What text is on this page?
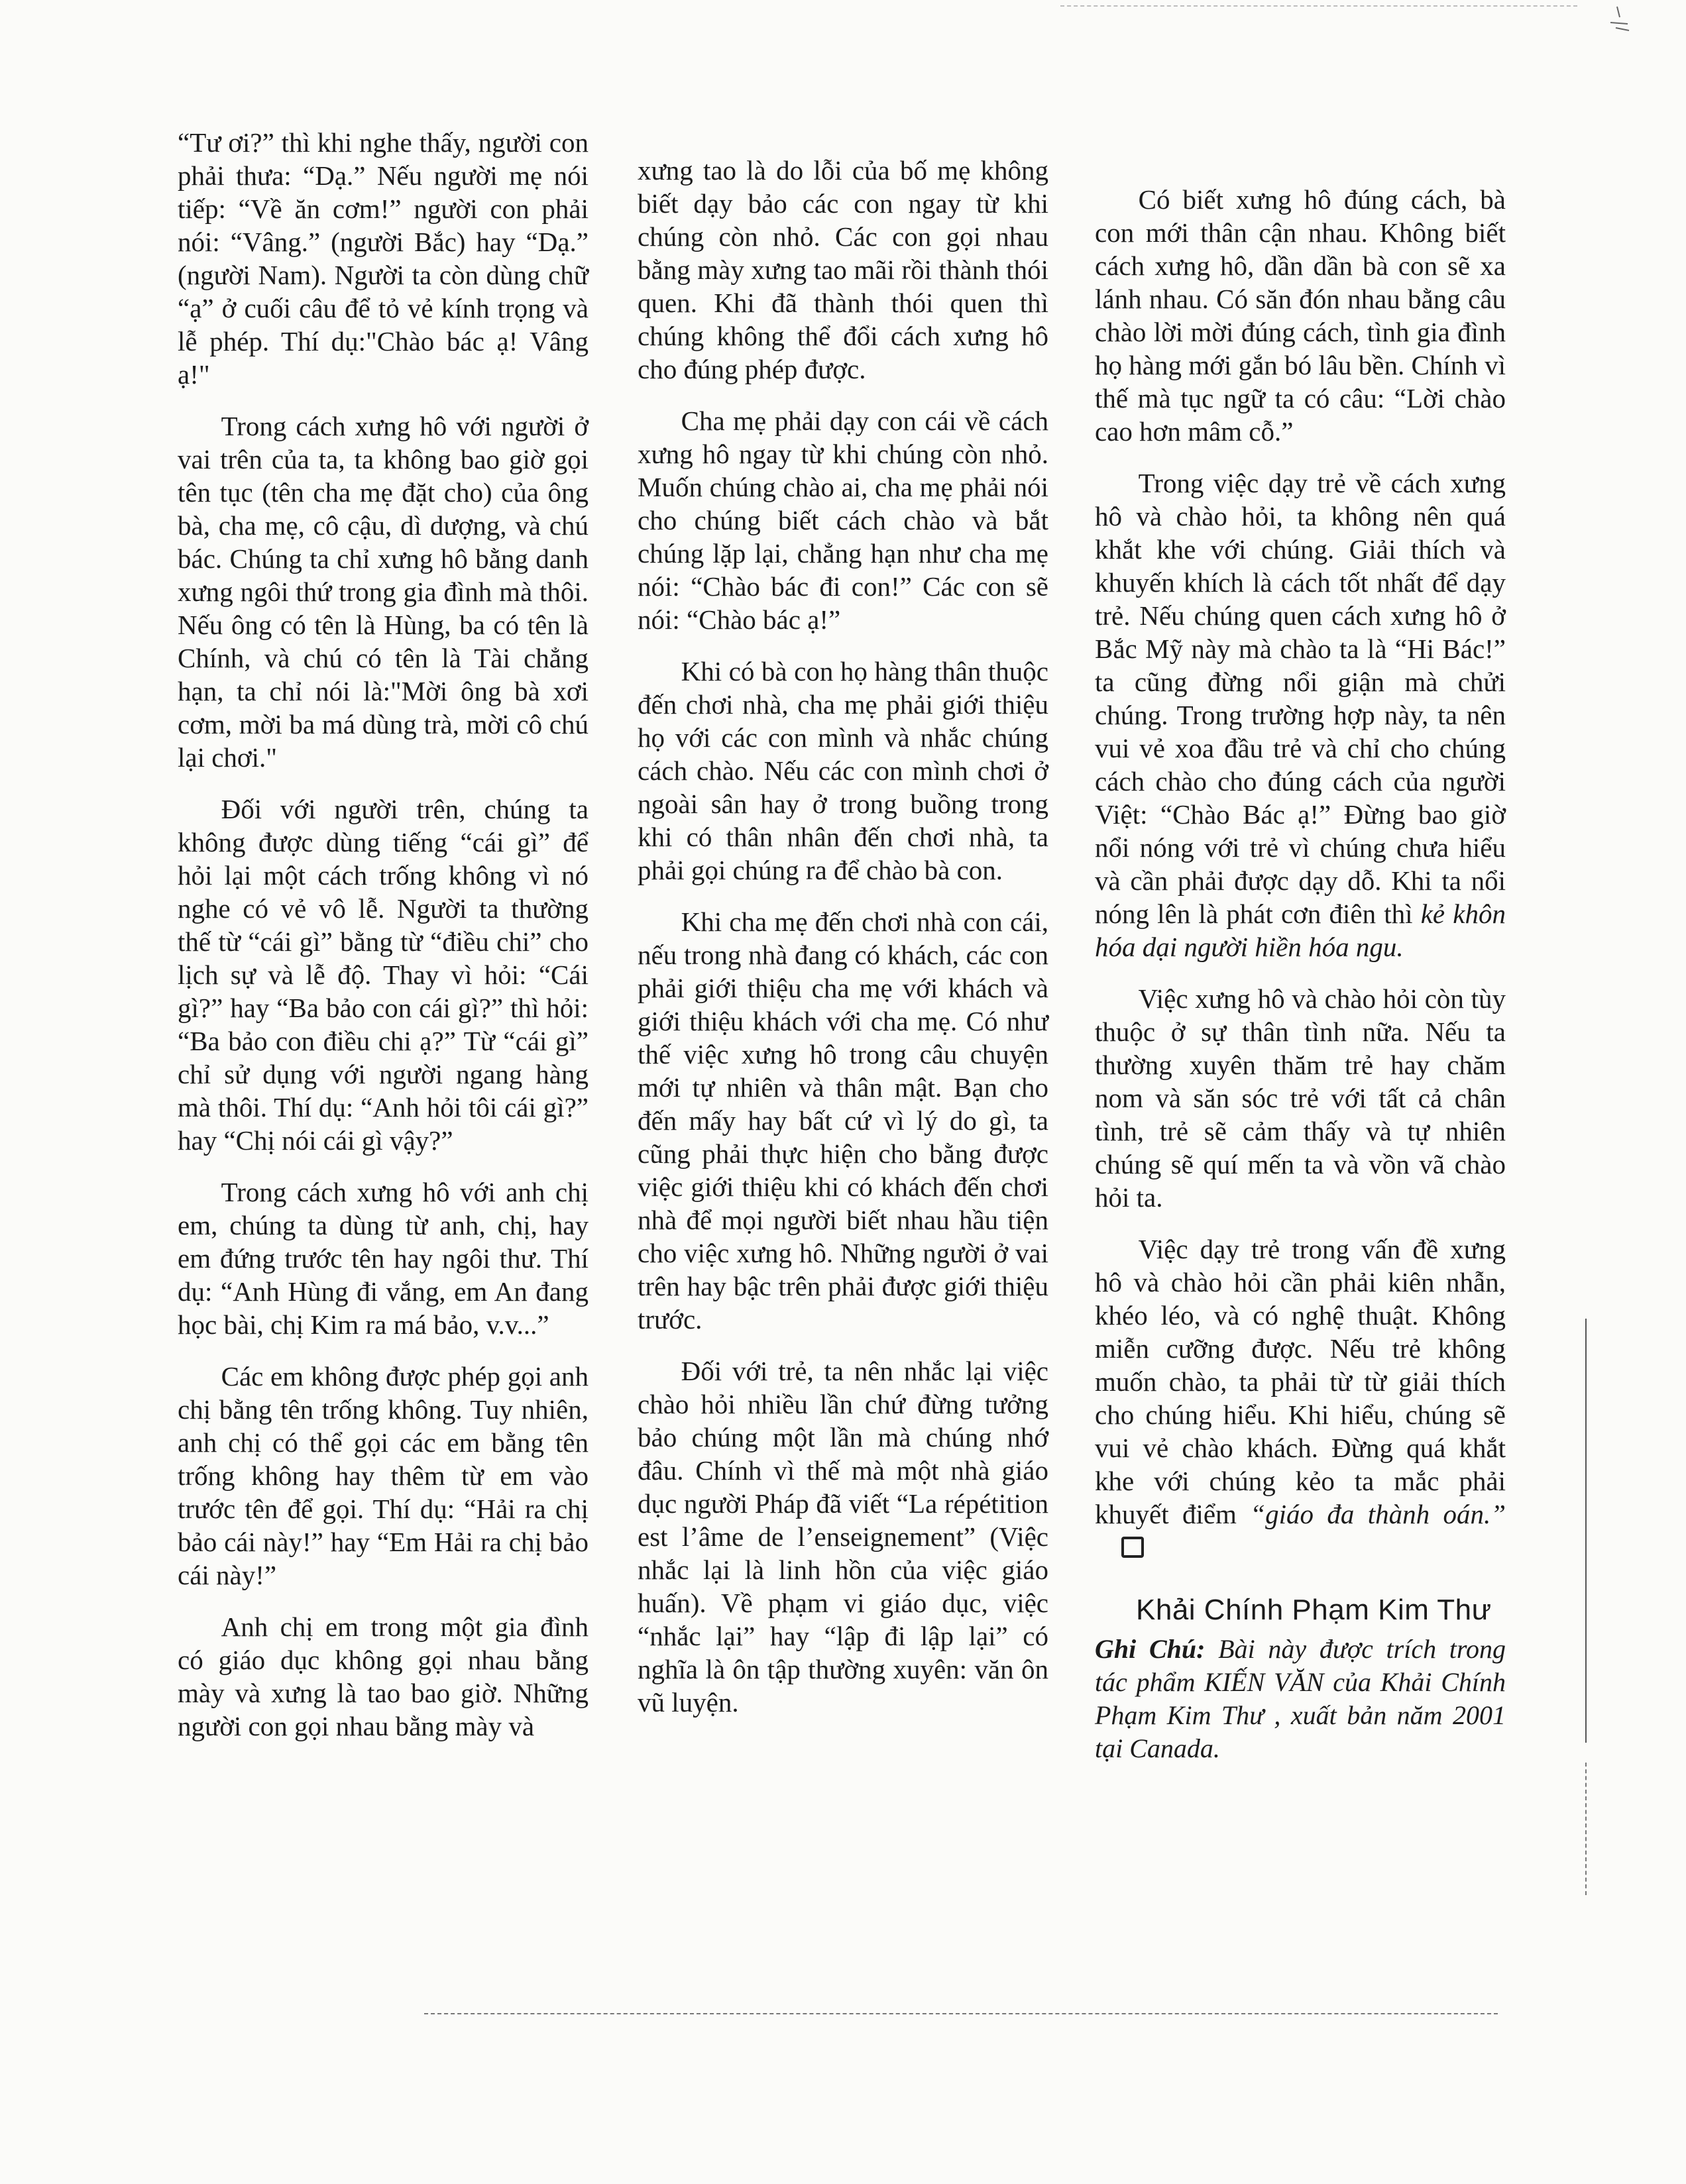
“Tư ơi?” thì khi nghe thấy, người con phải thưa: “Dạ.” Nếu người mẹ nói tiếp: “Về ăn cơm!” người con phải nói: “Vâng.” (người Bắc) hay “Dạ.” (người Nam). Người ta còn dùng chữ “ạ” ở cuối câu để tỏ vẻ kính trọng và lễ phép. Thí dụ:"Chào bác ạ! Vâng ạ!"

Trong cách xưng hô với người ở vai trên của ta, ta không bao giờ gọi tên tục (tên cha mẹ đặt cho) của ông bà, cha mẹ, cô cậu, dì dượng, và chú bác. Chúng ta chỉ xưng hô bằng danh xưng ngôi thứ trong gia đình mà thôi. Nếu ông có tên là Hùng, ba có tên là Chính, và chú có tên là Tài chẳng hạn, ta chỉ nói là:"Mời ông bà xơi cơm, mời ba má dùng trà, mời cô chú lại chơi."

Đối với người trên, chúng ta không được dùng tiếng “cái gì” để hỏi lại một cách trống không vì nó nghe có vẻ vô lễ. Người ta thường thế từ “cái gì” bằng từ “điều chi” cho lịch sự và lễ độ. Thay vì hỏi: “Cái gì?” hay “Ba bảo con cái gì?” thì hỏi: “Ba bảo con điều chi ạ?” Từ “cái gì” chỉ sử dụng với người ngang hàng mà thôi. Thí dụ: “Anh hỏi tôi cái gì?” hay “Chị nói cái gì vậy?”

Trong cách xưng hô với anh chị em, chúng ta dùng từ anh, chị, hay em đứng trước tên hay ngôi thư. Thí dụ: “Anh Hùng đi vắng, em An đang học bài, chị Kim ra má bảo, v.v...”

Các em không được phép gọi anh chị bằng tên trống không. Tuy nhiên, anh chị có thể gọi các em bằng tên trống không hay thêm từ em vào trước tên để gọi. Thí dụ: “Hải ra chị bảo cái này!” hay “Em Hải ra chị bảo cái này!”

Anh chị em trong một gia đình có giáo dục không gọi nhau bằng mày và xưng là tao bao giờ. Những người con gọi nhau bằng mày và

xưng tao là do lỗi của bố mẹ không biết dạy bảo các con ngay từ khi chúng còn nhỏ. Các con gọi nhau bằng mày xưng tao mãi rồi thành thói quen. Khi đã thành thói quen thì chúng không thể đổi cách xưng hô cho đúng phép được.

Cha mẹ phải dạy con cái về cách xưng hô ngay từ khi chúng còn nhỏ. Muốn chúng chào ai, cha mẹ phải nói cho chúng biết cách chào và bắt chúng lặp lại, chẳng hạn như cha mẹ nói: “Chào bác đi con!” Các con sẽ nói: “Chào bác ạ!”

Khi có bà con họ hàng thân thuộc đến chơi nhà, cha mẹ phải giới thiệu họ với các con mình và nhắc chúng cách chào. Nếu các con mình chơi ở ngoài sân hay ở trong buồng trong khi có thân nhân đến chơi nhà, ta phải gọi chúng ra để chào bà con.

Khi cha mẹ đến chơi nhà con cái, nếu trong nhà đang có khách, các con phải giới thiệu cha mẹ với khách và giới thiệu khách với cha mẹ. Có như thế việc xưng hô trong câu chuyện mới tự nhiên và thân mật. Bạn cho đến mấy hay bất cứ vì lý do gì, ta cũng phải thực hiện cho bằng được việc giới thiệu khi có khách đến chơi nhà để mọi người biết nhau hầu tiện cho việc xưng hô. Những người ở vai trên hay bậc trên phải được giới thiệu trước.

Đối với trẻ, ta nên nhắc lại việc chào hỏi nhiều lần chứ đừng tưởng bảo chúng một lần mà chúng nhớ đâu. Chính vì thế mà một nhà giáo dục người Pháp đã viết “La répétition est l’âme de l’enseignement” (Việc nhắc lại là linh hồn của việc giáo huấn). Về phạm vi giáo dục, việc “nhắc lại” hay “lập đi lập lại” có nghĩa là ôn tập thường xuyên: văn ôn vũ luyện.

Có biết xưng hô đúng cách, bà con mới thân cận nhau. Không biết cách xưng hô, dần dần bà con sẽ xa lánh nhau. Có săn đón nhau bằng câu chào lời mời đúng cách, tình gia đình họ hàng mới gắn bó lâu bền. Chính vì thế mà tục ngữ ta có câu: “Lời chào cao hơn mâm cỗ.”

Trong việc dạy trẻ về cách xưng hô và chào hỏi, ta không nên quá khắt khe với chúng. Giải thích và khuyến khích là cách tốt nhất để dạy trẻ. Nếu chúng quen cách xưng hô ở Bắc Mỹ này mà chào ta là “Hi Bác!” ta cũng đừng nổi giận mà chửi chúng. Trong trường hợp này, ta nên vui vẻ xoa đầu trẻ và chỉ cho chúng cách chào cho đúng cách của người Việt: “Chào Bác ạ!” Đừng bao giờ nổi nóng với trẻ vì chúng chưa hiểu và cần phải được dạy dỗ. Khi ta nổi nóng lên là phát cơn điên thì kẻ khôn hóa dại người hiền hóa ngu.

Việc xưng hô và chào hỏi còn tùy thuộc ở sự thân tình nữa. Nếu ta thường xuyên thăm trẻ hay chăm nom và săn sóc trẻ với tất cả chân tình, trẻ sẽ cảm thấy và tự nhiên chúng sẽ quí mến ta và vồn vã chào hỏi ta.

Việc dạy trẻ trong vấn đề xưng hô và chào hỏi cần phải kiên nhẫn, khéo léo, và có nghệ thuật. Không miễn cưỡng được. Nếu trẻ không muốn chào, ta phải từ từ giải thích cho chúng hiểu. Khi hiểu, chúng sẽ vui vẻ chào khách. Đừng quá khắt khe với chúng kẻo ta mắc phải khuyết điểm “giáo đa thành oán.”

Khải Chính Phạm Kim Thư

Ghi Chú: Bài này được trích trong tác phẩm KIẾN VĂN của Khải Chính Phạm Kim Thư , xuất bản năm 2001 tại Canada.
